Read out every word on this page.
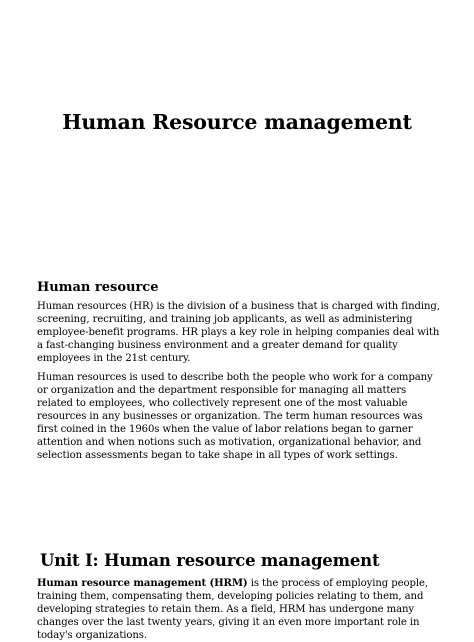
Human Resource management
Human resource

Human resources (HR) is the division of a business that is charged with finding, screening, recruiting, and training job applicants, as well as administering employee-benefit programs. HR plays a key role in helping companies deal with a fast-changing business environment and a greater demand for quality employees in the 21st century.

Human resources is used to describe both the people who work for a company or organization and the department responsible for managing all matters related to employees, who collectively represent one of the most valuable resources in any businesses or organization. The term human resources was first coined in the 1960s when the value of labor relations began to garner attention and when notions such as motivation, organizational behavior, and selection assessments began to take shape in all types of work settings.

Unit I: Human resource management

Human resource management (HRM) is the process of employing people, training them, compensating them, developing policies relating to them, and developing strategies to retain them. As a field, HRM has undergone many changes over the last twenty years, giving it an even more important role in today's organizations.
